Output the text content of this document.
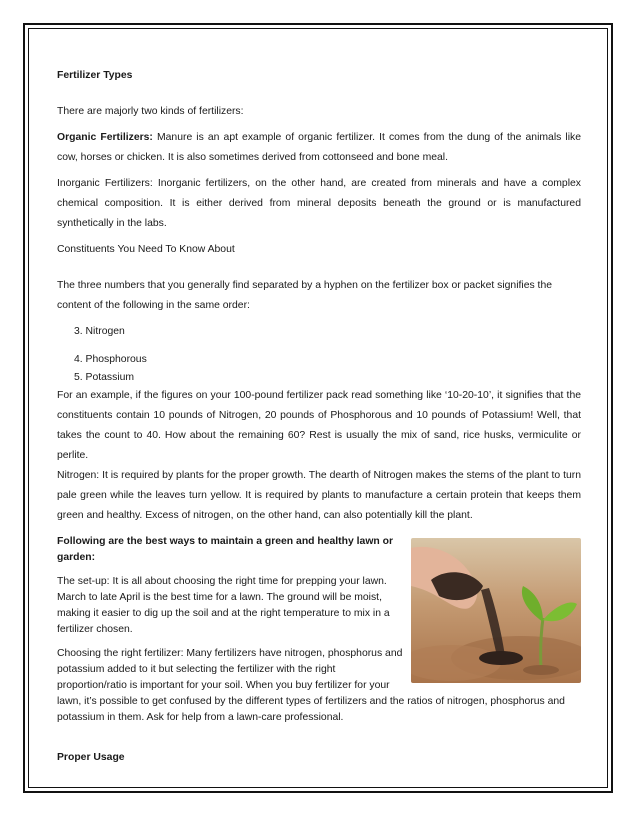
Fertilizer Types

There are majorly two kinds of fertilizers:

Organic Fertilizers: Manure is an apt example of organic fertilizer. It comes from the dung of the animals like cow, horses or chicken. It is also sometimes derived from cottonseed and bone meal.

Inorganic Fertilizers: Inorganic fertilizers, on the other hand, are created from minerals and have a complex chemical composition. It is either derived from mineral deposits beneath the ground or is manufactured synthetically in the labs.

Constituents You Need To Know About

The three numbers that you generally find separated by a hyphen on the fertilizer box or packet signifies the content of the following in the same order:

3. Nitrogen
4. Phosphorous
5. Potassium

For an example, if the figures on your 100-pound fertilizer pack read something like ‘10-20-10’, it signifies that the constituents contain 10 pounds of Nitrogen, 20 pounds of Phosphorous and 10 pounds of Potassium! Well, that takes the count to 40. How about the remaining 60? Rest is usually the mix of sand, rice husks, vermiculite or perlite.

Nitrogen: It is required by plants for the proper growth. The dearth of Nitrogen makes the stems of the plant to turn pale green while the leaves turn yellow. It is required by plants to manufacture a certain protein that keeps them green and healthy. Excess of nitrogen, on the other hand, can also potentially kill the plant.

Following are the best ways to maintain a green and healthy lawn or garden:

The set-up: It is all about choosing the right time for prepping your lawn. March to late April is the best time for a lawn. The ground will be moist, making it easier to dig up the soil and at the right temperature to mix in a fertilizer chosen.

Choosing the right fertilizer: Many fertilizers have nitrogen, phosphorus and potassium added to it but selecting the fertilizer with the right proportion/ratio is important for your soil. When you buy fertilizer for your lawn, it’s possible to get confused by the different types of fertilizers and the ratios of nitrogen, phosphorus and potassium in them. Ask for help from a lawn-care professional.

Proper Usage
